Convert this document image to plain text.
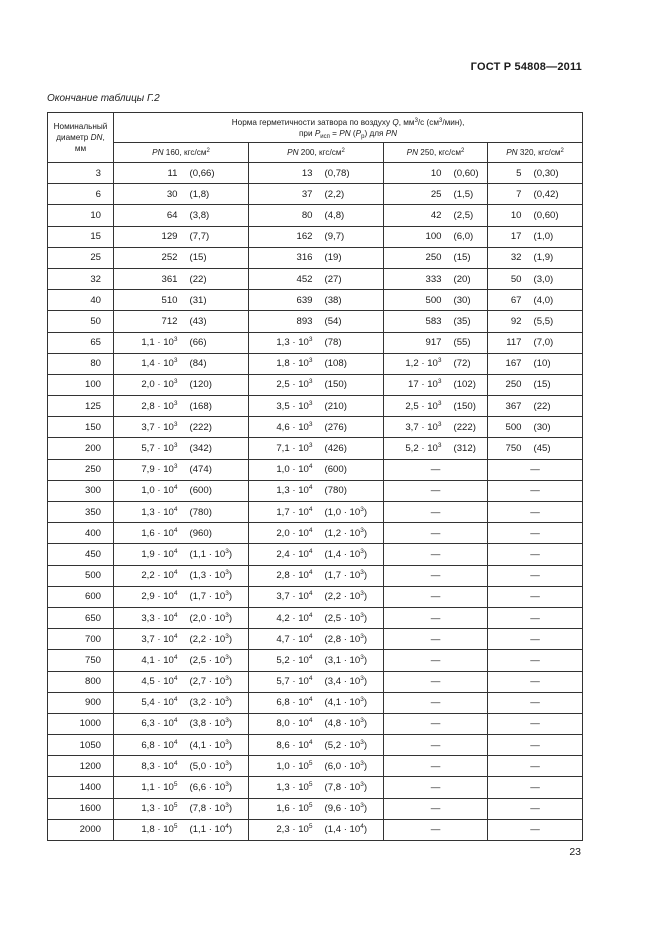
ГОСТ Р 54808—2011
Окончание таблицы Г.2
Номинальный
диаметр DN,
мм	Норма герметичности затвора по воздуху Q, $мм^3/с$ $(см^3/мин)$,
при $P_{исп}$ = PN $(P_р)$ для PN							
	PN 160, кгс/$см^2$		PN 200, кгс/$см^2$		PN 250, кгс/$см^2$		PN 320, кгс/$см^2$
3	11	(0,66)	13	(0,78)	10	(0,60)	5	(0,30)
6	30	(1,8)	37	(2,2)	25	(1,5)	7	(0,42)
10	64	(3,8)	80	(4,8)	42	(2,5)	10	(0,60)
15	129	(7,7)	162	(9,7)	100	(6,0)	17	(1,0)
25	252	(15)	316	(19)	250	(15)	32	(1,9)
32	361	(22)	452	(27)	333	(20)	50	(3,0)
40	510	(31)	639	(38)	500	(30)	67	(4,0)
50	712	(43)	893	(54)	583	(35)	92	(5,5)
65	$1,1 \cdot 10^3$	(66)	$1,3 \cdot 10^3$	(78)	917	(55)	117	(7,0)
80	$1,4 \cdot 10^3$	(84)	$1,8 \cdot 10^3$	(108)	$1,2 \cdot 10^3$	(72)	167	(10)
100	$2,0 \cdot 10^3$	(120)	$2,5 \cdot 10^3$	(150)	$17 \cdot 10^3$	(102)	250	(15)
125	$2,8 \cdot 10^3$	(168)	$3,5 \cdot 10^3$	(210)	$2,5 \cdot 10^3$	(150)	367	(22)
150	$3,7 \cdot 10^3$	(222)	$4,6 \cdot 10^3$	(276)	$3,7 \cdot 10^3$	(222)	500	(30)
200	$5,7 \cdot 10^3$	(342)	$7,1 \cdot 10^3$	(426)	$5,2 \cdot 10^3$	(312)	750	(45)
250	$7,9 \cdot 10^3$	(474)	$1,0 \cdot 10^4$	(600)	—		—	
300	$1,0 \cdot 10^4$	(600)	$1,3 \cdot 10^4$	(780)	—		—	
350	$1,3 \cdot 10^4$	(780)	$1,7 \cdot 10^4$	$(1,0 \cdot 10^3)$	—		—	
400	$1,6 \cdot 10^4$	(960)	$2,0 \cdot 10^4$	$(1,2 \cdot 10^3)$	—		—	
450	$1,9 \cdot 10^4$	$(1,1 \cdot 10^3)$	$2,4 \cdot 10^4$	$(1,4 \cdot 10^3)$	—		—	
500	$2,2 \cdot 10^4$	$(1,3 \cdot 10^3)$	$2,8 \cdot 10^4$	$(1,7 \cdot 10^3)$	—		—	
600	$2,9 \cdot 10^4$	$(1,7 \cdot 10^3)$	$3,7 \cdot 10^4$	$(2,2 \cdot 10^3)$	—		—	
650	$3,3 \cdot 10^4$	$(2,0 \cdot 10^3)$	$4,2 \cdot 10^4$	$(2,5 \cdot 10^3)$	—		—	
700	$3,7 \cdot 10^4$	$(2,2 \cdot 10^3)$	$4,7 \cdot 10^4$	$(2,8 \cdot 10^3)$	—		—	
750	$4,1 \cdot 10^4$	$(2,5 \cdot 10^3)$	$5,2 \cdot 10^4$	$(3,1 \cdot 10^3)$	—		—	
800	$4,5 \cdot 10^4$	$(2,7 \cdot 10^3)$	$5,7 \cdot 10^4$	$(3,4 \cdot 10^3)$	—		—	
900	$5,4 \cdot 10^4$	$(3,2 \cdot 10^3)$	$6,8 \cdot 10^4$	$(4,1 \cdot 10^3)$	—		—	
1000	$6,3 \cdot 10^4$	$(3,8 \cdot 10^3)$	$8,0 \cdot 10^4$	$(4,8 \cdot 10^3)$	—		—	
1050	$6,8 \cdot 10^4$	$(4,1 \cdot 10^3)$	$8,6 \cdot 10^4$	$(5,2 \cdot 10^3)$	—		—	
1200	$8,3 \cdot 10^4$	$(5,0 \cdot 10^3)$	$1,0 \cdot 10^5$	$(6,0 \cdot 10^3)$	—		—	
1400	$1,1 \cdot 10^5$	$(6,6 \cdot 10^3)$	$1,3 \cdot 10^5$	$(7,8 \cdot 10^3)$	—		—	
1600	$1,3 \cdot 10^5$	$(7,8 \cdot 10^3)$	$1,6 \cdot 10^5$	$(9,6 \cdot 10^3)$	—		—	
2000	$1,8 \cdot 10^5$	$(1,1 \cdot 10^4)$	$2,3 \cdot 10^5$	$(1,4 \cdot 10^4)$	—		—	
23
